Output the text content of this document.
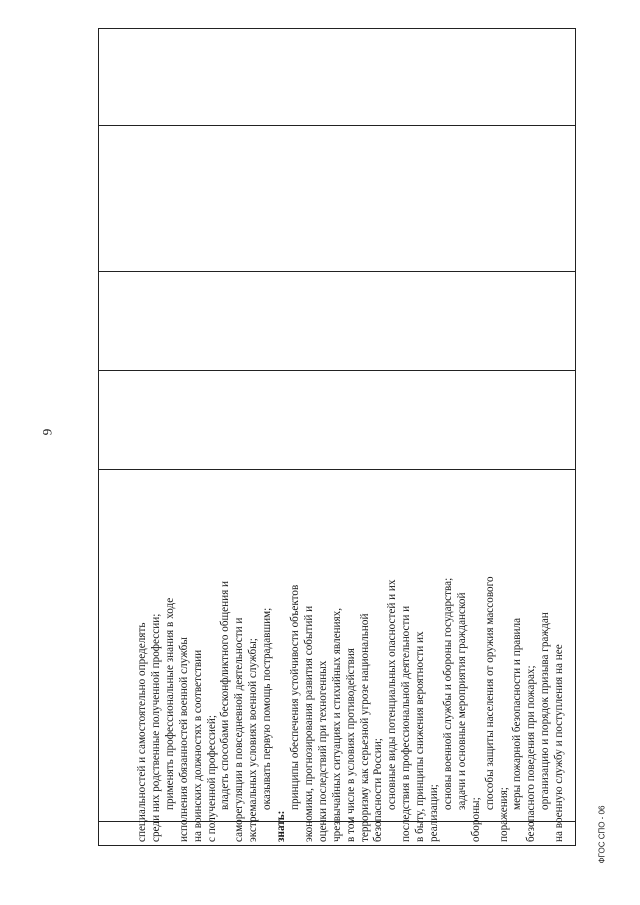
9
специальностей и самостоятельно определять среди них родственные полученной профессии; применять профессиональные знания в ходе исполнения обязанностей военной службы на воинских должностях в соответствии с полученной профессией; владеть способами бесконфликтного общения и саморегуляции в повседневной деятельности и экстремальных условиях военной службы; оказывать первую помощь пострадавшим;
знать:
принципы обеспечения устойчивости объектов экономики, прогнозирования развития событий и оценки последствий при техногенных чрезвычайных ситуациях и стихийных явлениях, в том числе в условиях противодействия терроризму как серьезной угрозе национальной безопасности России; основные виды потенциальных опасностей и их последствия в профессиональной деятельности и в быту, принципы снижения вероятности их реализации;
основы военной службы и обороны государства; задачи и основные мероприятия гражданской
обороны;
способы защиты населения от оружия массового
поражения;
меры пожарной безопасности и правила безопасного поведения при пожарах; организацию и порядок призыва граждан на военную службу и поступления на нее	ФГОС СПО - 06
